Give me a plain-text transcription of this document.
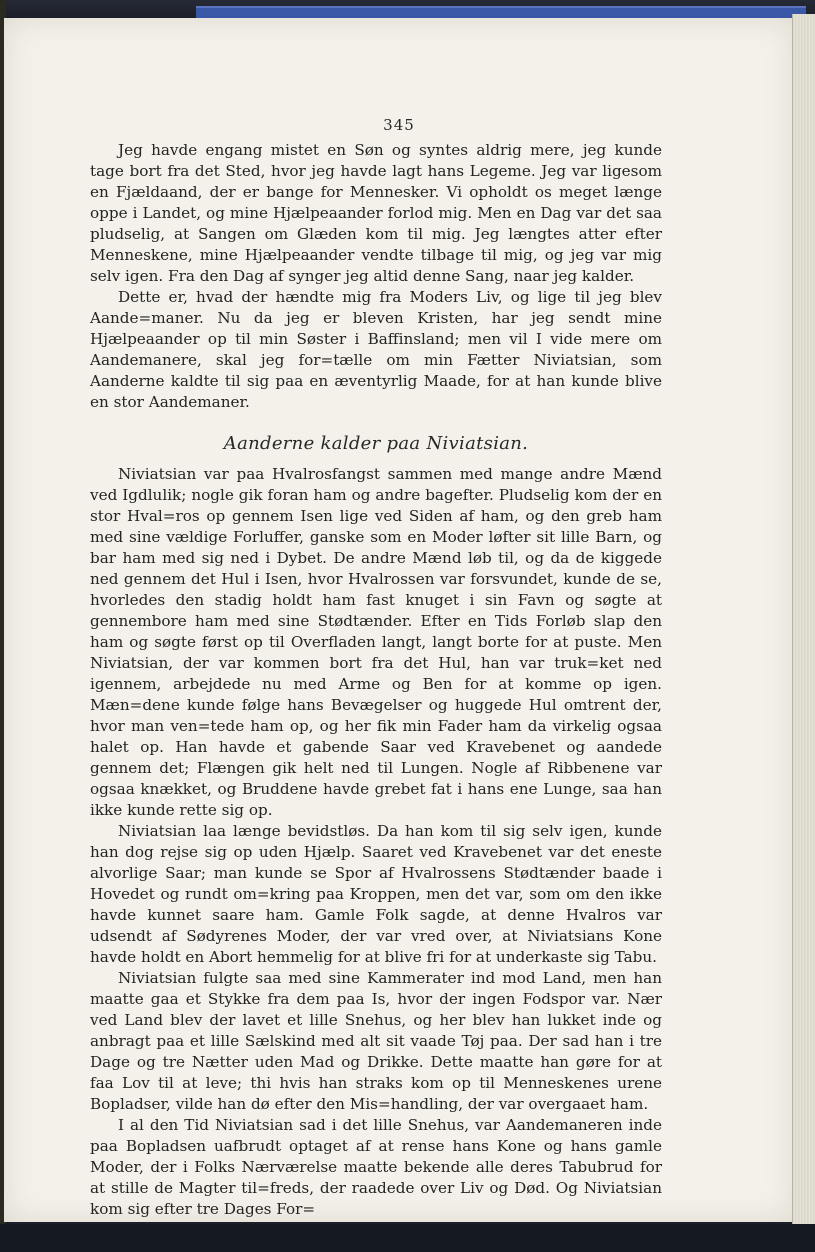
345

Jeg havde engang mistet en Søn og syntes aldrig mere, jeg kunde tage bort fra det Sted, hvor jeg havde lagt hans Legeme. Jeg var ligesom en Fjældaand, der er bange for Mennesker. Vi opholdt os meget længe oppe i Landet, og mine Hjælpeaander forlod mig. Men en Dag var det saa pludselig, at Sangen om Glæden kom til mig. Jeg længtes atter efter Menneskene, mine Hjælpeaander vendte tilbage til mig, og jeg var mig selv igen. Fra den Dag af synger jeg altid denne Sang, naar jeg kalder.

Dette er, hvad der hændte mig fra Moders Liv, og lige til jeg blev Aande=maner. Nu da jeg er bleven Kristen, har jeg sendt mine Hjælpeaander op til min Søster i Baffinsland; men vil I vide mere om Aandemanere, skal jeg for=tælle om min Fætter Niviatsian, som Aanderne kaldte til sig paa en æventyrlig Maade, for at han kunde blive en stor Aandemaner.

Aanderne kalder paa Niviatsian.

Niviatsian var paa Hvalrosfangst sammen med mange andre Mænd ved Igdlulik; nogle gik foran ham og andre bagefter. Pludselig kom der en stor Hval=ros op gennem Isen lige ved Siden af ham, og den greb ham med sine vældige Forluffer, ganske som en Moder løfter sit lille Barn, og bar ham med sig ned i Dybet. De andre Mænd løb til, og da de kiggede ned gennem det Hul i Isen, hvor Hvalrossen var forsvundet, kunde de se, hvorledes den stadig holdt ham fast knuget i sin Favn og søgte at gennembore ham med sine Stødtænder. Efter en Tids Forløb slap den ham og søgte først op til Overfladen langt, langt borte for at puste. Men Niviatsian, der var kommen bort fra det Hul, han var truk=ket ned igennem, arbejdede nu med Arme og Ben for at komme op igen. Mæn=dene kunde følge hans Bevægelser og huggede Hul omtrent der, hvor man ven=tede ham op, og her fik min Fader ham da virkelig ogsaa halet op. Han havde et gabende Saar ved Kravebenet og aandede gennem det; Flængen gik helt ned til Lungen. Nogle af Ribbenene var ogsaa knækket, og Bruddene havde grebet fat i hans ene Lunge, saa han ikke kunde rette sig op.

Niviatsian laa længe bevidstløs. Da han kom til sig selv igen, kunde han dog rejse sig op uden Hjælp. Saaret ved Kravebenet var det eneste alvorlige Saar; man kunde se Spor af Hvalrossens Stødtænder baade i Hovedet og rundt om=kring paa Kroppen, men det var, som om den ikke havde kunnet saare ham. Gamle Folk sagde, at denne Hvalros var udsendt af Sødyrenes Moder, der var vred over, at Niviatsians Kone havde holdt en Abort hemmelig for at blive fri for at underkaste sig Tabu.

Niviatsian fulgte saa med sine Kammerater ind mod Land, men han maatte gaa et Stykke fra dem paa Is, hvor der ingen Fodspor var. Nær ved Land blev der lavet et lille Snehus, og her blev han lukket inde og anbragt paa et lille Sælskind med alt sit vaade Tøj paa. Der sad han i tre Dage og tre Nætter uden Mad og Drikke. Dette maatte han gøre for at faa Lov til at leve; thi hvis han straks kom op til Menneskenes urene Bopladser, vilde han dø efter den Mis=handling, der var overgaaet ham.

I al den Tid Niviatsian sad i det lille Snehus, var Aandemaneren inde paa Bopladsen uafbrudt optaget af at rense hans Kone og hans gamle Moder, der i Folks Nærværelse maatte bekende alle deres Tabubrud for at stille de Magter til=freds, der raadede over Liv og Død. Og Niviatsian kom sig efter tre Dages For=
